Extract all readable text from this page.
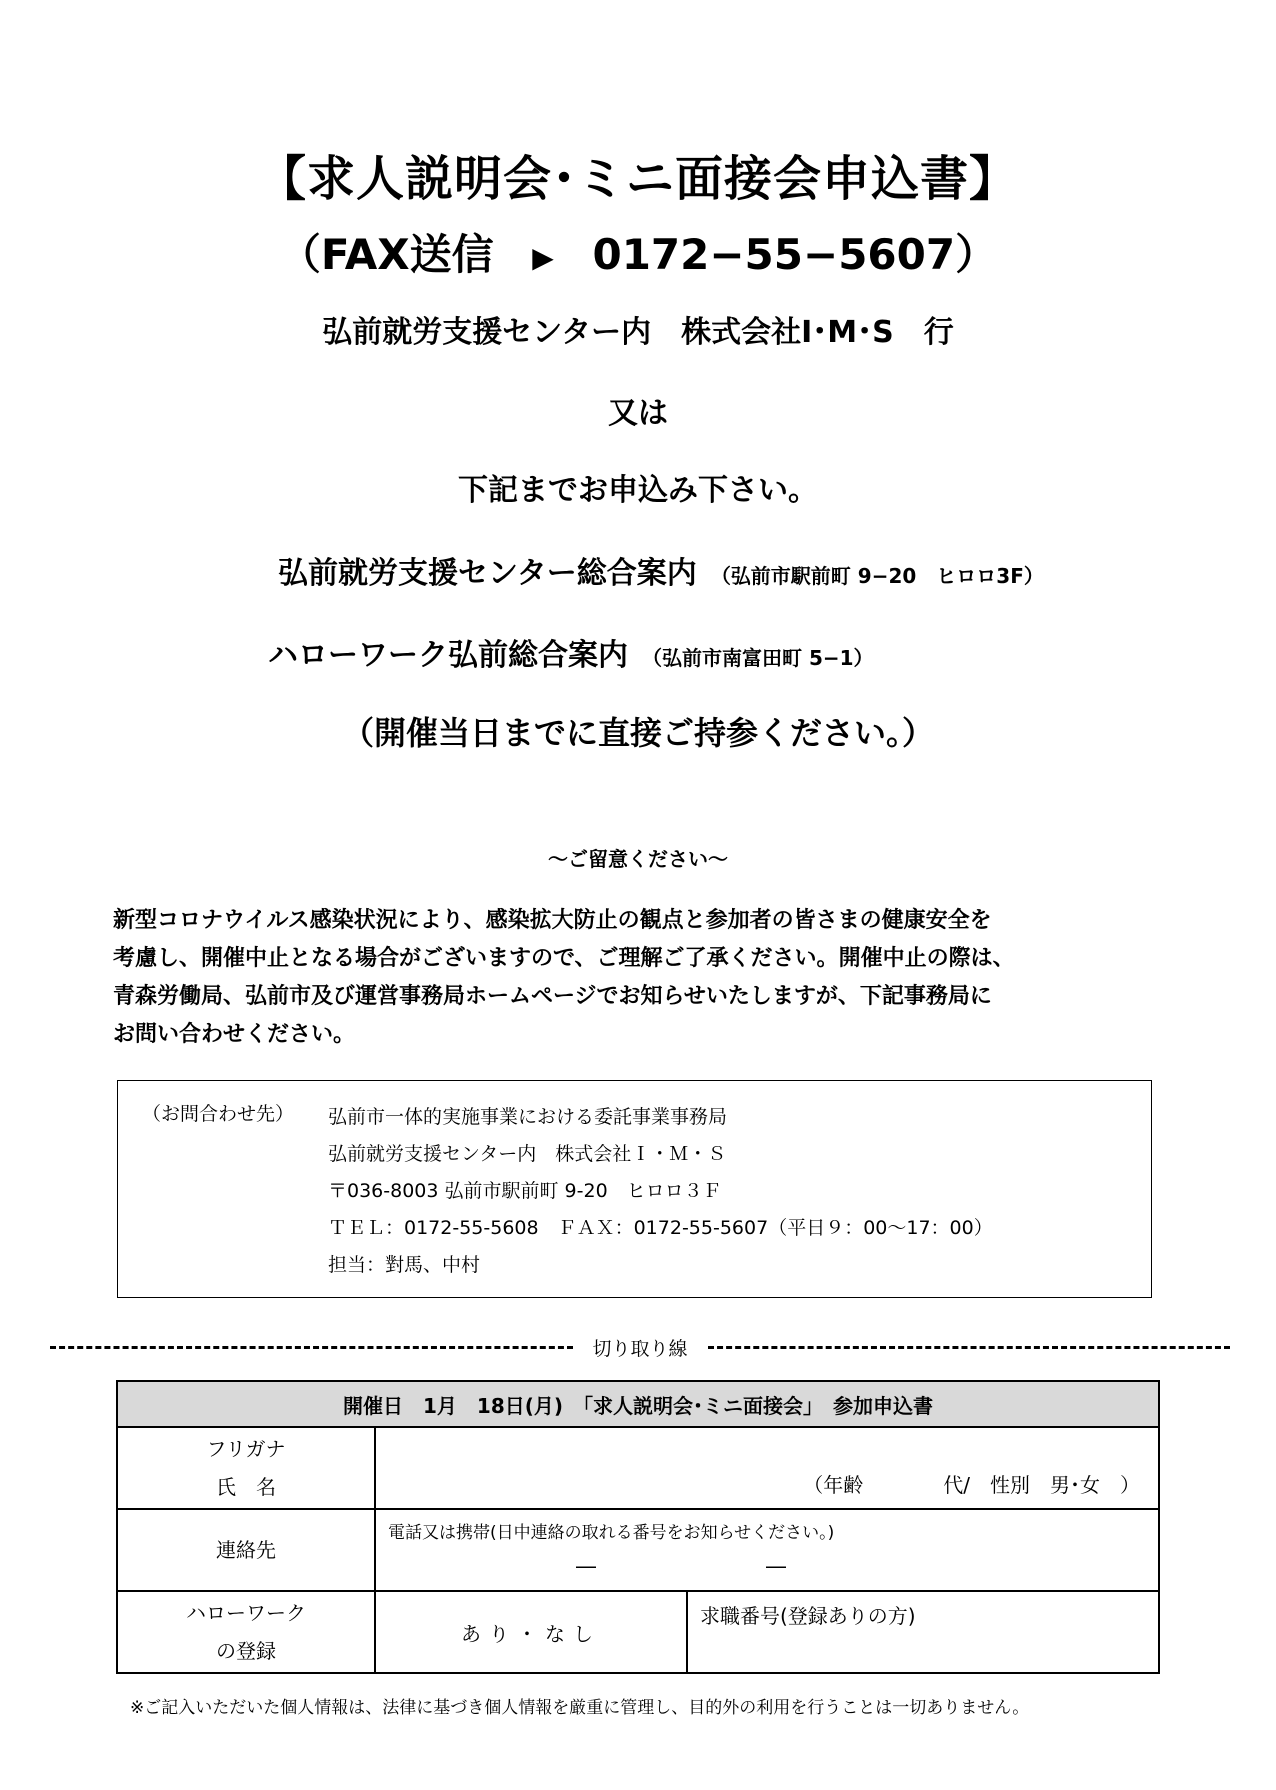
【求人説明会･ミニ面接会申込書】
（FAX送信 ▶ 0172−55−5607）
弘前就労支援センター内　株式会社I･M･S　行
又は
下記までお申込み下さい。
弘前就労支援センター総合案内 （弘前市駅前町 9−20　ヒロロ3F）
ハローワーク弘前総合案内 （弘前市南富田町 5−1）
（開催当日までに直接ご持参ください。）
～ご留意ください～
新型コロナウイルス感染状況により、感染拡大防止の観点と参加者の皆さまの健康安全を
考慮し、開催中止となる場合がございますので、ご理解ご了承ください。開催中止の際は、
青森労働局、弘前市及び運営事務局ホームページでお知らせいたしますが、下記事務局に
お問い合わせください。
（お問合わせ先） 弘前市一体的実施事業における委託事業事務局
弘前就労支援センター内　株式会社Ｉ・Ｍ・Ｓ
〒036-8003 弘前市駅前町 9-20　ヒロロ３Ｆ
ＴＥＬ：0172-55-5608　ＦＡＸ：0172-55-5607（平日９：00～17：00）
担当：對馬、中村
切り取り線
開催日　1月　18日(月)　「求人説明会･ミニ面接会」　参加申込書		

フリガナ
氏　名	（年齢　　　　代/　性別　男･女　）	

連絡先	電話又は携帯(日中連絡の取れる番号をお知らせください。)
― ―	

ハローワーク
の登録	あり・なし	求職番号(登録ありの方)
※ご記入いただいた個人情報は、法律に基づき個人情報を厳重に管理し、目的外の利用を行うことは一切ありません。
